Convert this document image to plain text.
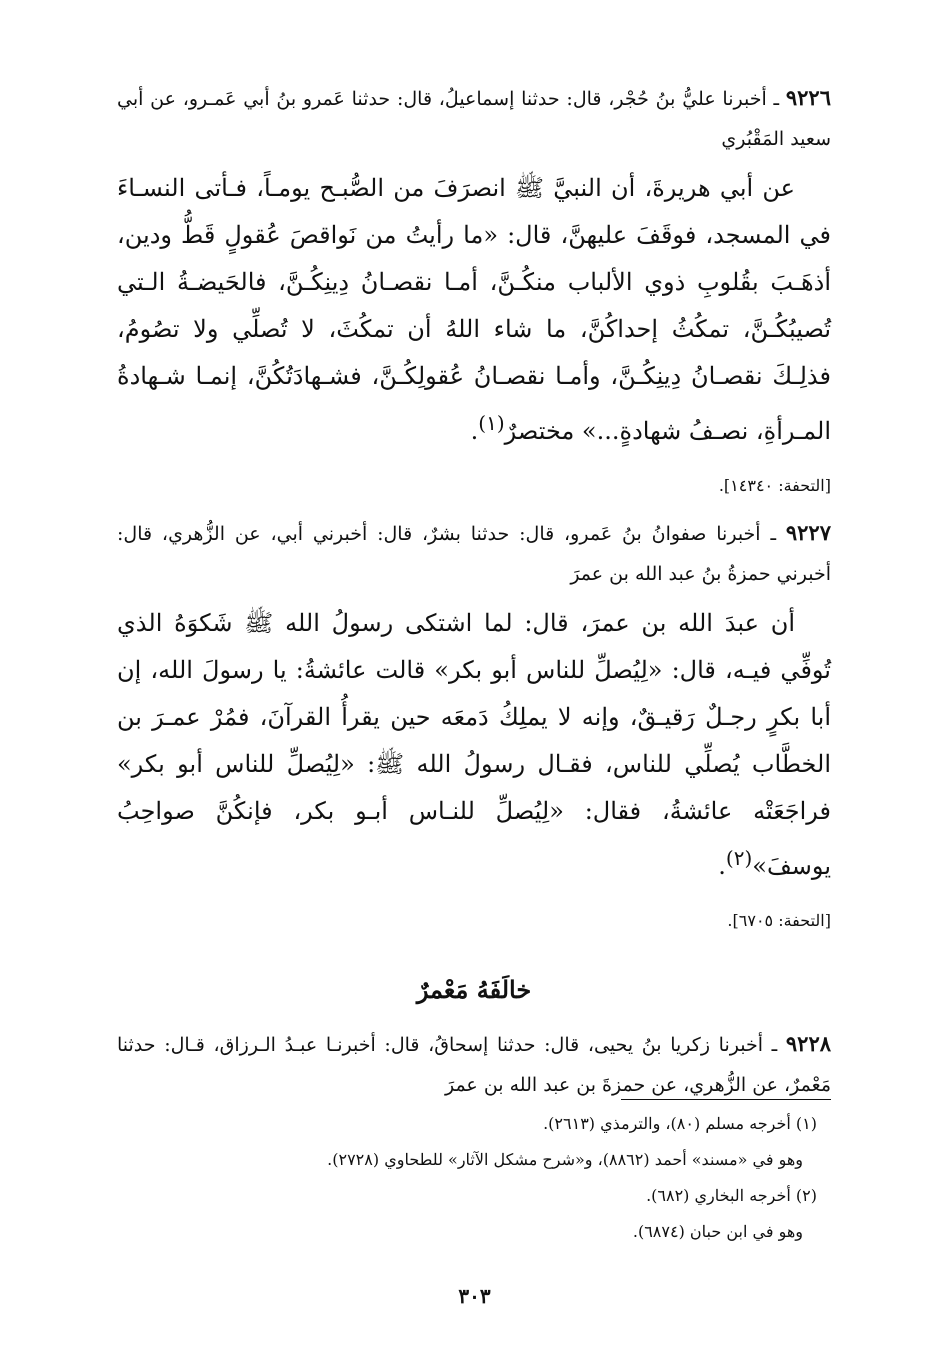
٩٢٢٦ ـ أخبرنا عليُّ بنُ حُجْر، قال: حدثنا إسماعيلُ، قال: حدثنا عَمرو بنُ أبي عَمـرو، عن أبي سعيد المَقْبُري

عن أبي هريرةَ، أن النبيَّ ﷺ انصرَفَ من الصُّبـح يومـاً، فـأتى النسـاءَ في المسجد، فوقَفَ عليهنَّ، قال: «ما رأيتُ من نَواقصَ عُقولٍ قَطُّ ودين، أذهَـبَ بقُلوبِ ذوي الألباب منكُـنَّ، أمـا نقصـانُ دِينِكُـنَّ، فالحَيضـةُ الـتي تُصيبُكُـنَّ، تمكُثُ إحداكُنَّ، ما شاء اللهُ أن تمكُثَ، لا تُصلِّي ولا تصُومُ، فذلِـكَ نقصـانُ دِينِكُـنَّ، وأمـا نقصـانُ عُقولِكُـنَّ، فشـهادَتُكُنَّ، إنمـا شـهادةُ المـرأةِ، نصـفُ شهادةٍ...» مختصرٌ$^{(١)}$.

[التحفة: ١٤٣٤٠].

٩٢٢٧ ـ أخبرنا صفوانُ بنُ عَمرو، قال: حدثنا بشرٌ، قال: أخبرني أبي، عن الزُّهري، قال: أخبرني حمزةُ بنُ عبد الله بن عمرَ

أن عبدَ الله بن عمرَ، قال: لما اشتكى رسولُ الله ﷺ شَكوَهُ الذي تُوفِّي فيـه، قال: «لِيُصلِّ للناس أبو بكر» قالت عائشةُ: يا رسولَ الله، إن أبا بكرٍ رجـلٌ رَقيـقٌ، وإنه لا يملِكُ دَمعَه حين يقرأُ القرآنَ، فمُرْ عمـرَ بن الخطَّاب يُصلِّي للناس، فقـال رسولُ الله ﷺ: «لِيُصلِّ للناس أبو بكر» فراجَعَتْه عائشةُ، فقال: «لِيُصلِّ للنـاس أبـو بكر، فإنكُنَّ صواحِبُ يوسفَ»$^{(٢)}$.

[التحفة: ٦٧٠٥].

خالَفَهُ مَعْمرٌ

٩٢٢٨ ـ أخبرنا زكريا بنُ يحيى، قال: حدثنا إسحاقُ، قال: أخبرنـا عبـدُ الـرزاق، قـال: حدثنا مَعْمرٌ، عن الزُّهري، عن حمزةَ بن عبد الله بن عمرَ

(١) أخرجه مسلم (٨٠)، والترمذي (٢٦١٣).
وهو في «مسند» أحمد (٨٨٦٢)، و«شرح مشكل الآثار» للطحاوي (٢٧٢٨).
(٢) أخرجه البخاري (٦٨٢).
وهو في ابن حبان (٦٨٧٤).
٣٠٣
